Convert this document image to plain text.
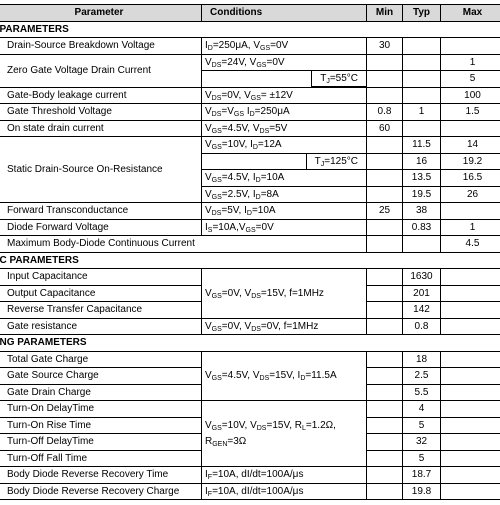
Parameter	Conditions	Min	Typ	Max
PARAMETERS				
Drain-Source Breakdown Voltage	$I_D=250\mu A$, $V_{GS}=0V$	30		
Zero Gate Voltage Drain Current	$V_{DS}=24V$, $V_{GS}=0V$			1

	$T_J=55^\circ C$			5
Gate-Body leakage current	$V_{DS}=0V$, $V_{GS}= \pm 12V$			100
Gate Threshold Voltage	$V_{DS}=V_{GS}$ $I_D=250\mu A$	0.8	1	1.5
On state drain current	$V_{GS}=4.5V$, $V_{DS}=5V$	60		
Static Drain-Source On-Resistance	$V_{GS}=10V$, $I_D=12A$		11.5	14

	$T_J=125^\circ C$		16	19.2
	$V_{GS}=4.5V$, $I_D=10A$		13.5	16.5
	$V_{GS}=2.5V$, $I_D=8A$		19.5	26
Forward Transconductance	$V_{DS}=5V$, $I_D=10A$	25	38	
Diode Forward Voltage	$I_S=10A,V_{GS}=0V$		0.83	1
Maximum Body-Diode Continuous Current				4.5
C PARAMETERS				
Input Capacitance	$V_{GS}=0V$, $V_{DS}=15V$, f=1MHz		1630	
Output Capacitance			201	
Reverse Transfer Capacitance			142	
Gate resistance	$V_{GS}=0V$, $V_{DS}=0V$, f=1MHz		0.8	
NG PARAMETERS				
Total Gate Charge	$V_{GS}=4.5V$, $V_{DS}=15V$, $I_D=11.5A$		18	
Gate Source Charge			2.5	
Gate Drain Charge			5.5	
Turn-On DelayTime	$V_{GS}=10V$, $V_{DS}=15V$, $R_L=1.2\Omega$,
$R_{GEN}=3\Omega$		4	
Turn-On Rise Time			5	
Turn-Off DelayTime			32	
Turn-Off Fall Time			5	
Body Diode Reverse Recovery Time	$I_F=10A$, dI/dt=100A/μs		18.7	
Body Diode Reverse Recovery Charge	$I_F=10A$, dI/dt=100A/μs		19.8	
